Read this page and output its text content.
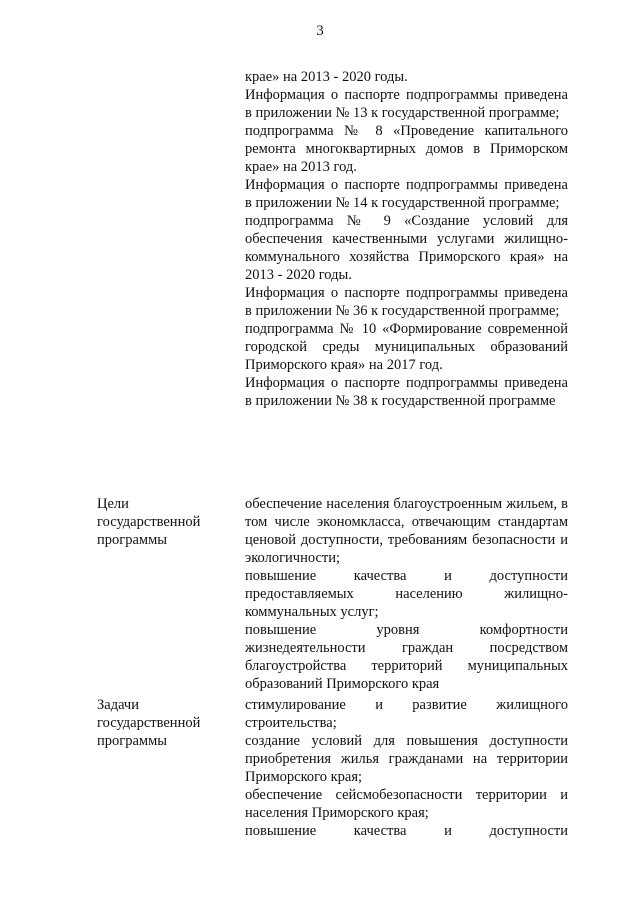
3

крае» на 2013 - 2020 годы.

Информация о паспорте подпрограммы приведена в приложении № 13 к государственной программе;

подпрограмма № 8 «Проведение капитального ремонта многоквартирных домов в Приморском крае» на 2013 год.

Информация о паспорте подпрограммы приведена в приложении № 14 к государственной программе;

подпрограмма № 9 «Создание условий для обеспечения качественными услугами жилищно-коммунального хозяйства Приморского края» на 2013 - 2020 годы.

Информация о паспорте подпрограммы приведена в приложении № 36 к государственной программе;

подпрограмма № 10 «Формирование современной городской среды муниципальных образований Приморского края» на 2017 год.

Информация о паспорте подпрограммы приведена в приложении № 38 к государственной программе

Цели
государственной
программы

обеспечение населения благоустроенным жильем, в том числе экономкласса, отвечающим стандартам ценовой доступности, требованиям безопасности и экологичности;

повышение качества и доступности предоставляемых населению жилищно-коммунальных услуг;

повышение уровня комфортности жизнедеятельности граждан посредством благоустройства территорий муниципальных образований Приморского края

Задачи
государственной
программы

стимулирование и развитие жилищного строительства;

создание условий для повышения доступности приобретения жилья гражданами на территории Приморского края;

обеспечение сейсмобезопасности территории и населения Приморского края;

повышение качества и доступности
